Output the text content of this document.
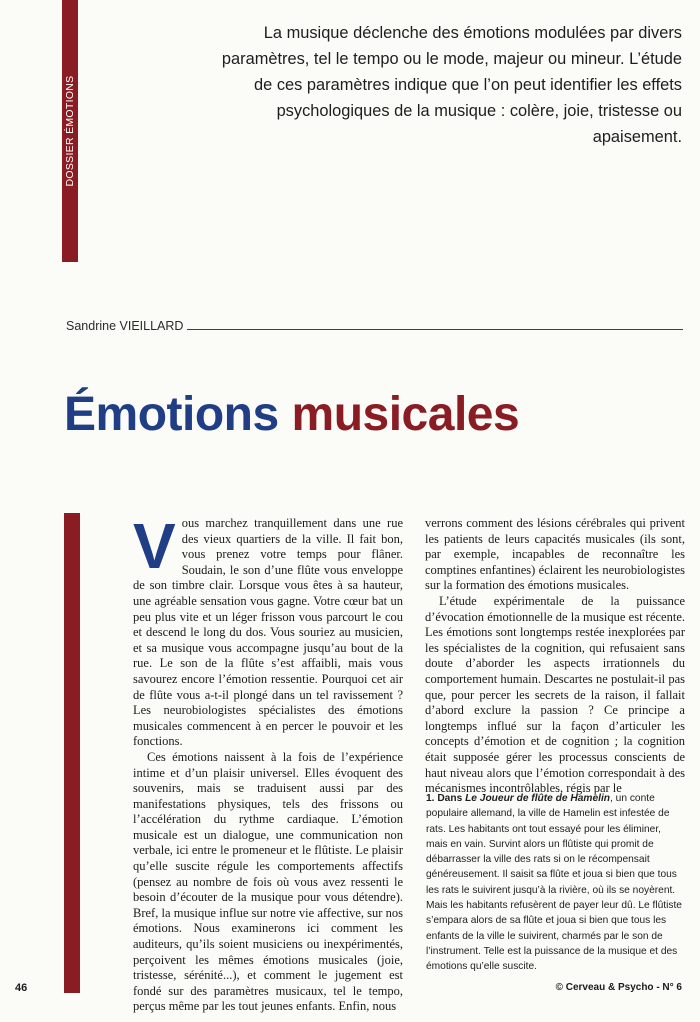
DOSSIER ÉMOTIONS
La musique déclenche des émotions modulées par divers paramètres, tel le tempo ou le mode, majeur ou mineur. L’étude de ces paramètres indique que l’on peut identifier les effets psychologiques de la musique : colère, joie, tristesse ou apaisement.
Sandrine VIEILLARD
Émotions musicales

Vous marchez tranquillement dans une rue des vieux quartiers de la ville. Il fait bon, vous prenez votre temps pour flâner. Soudain, le son d’une flûte vous enveloppe de son timbre clair. Lorsque vous êtes à sa hauteur, une agréable sensation vous gagne. Votre cœur bat un peu plus vite et un léger frisson vous parcourt le cou et descend le long du dos. Vous souriez au musicien, et sa musique vous accompagne jusqu’au bout de la rue. Le son de la flûte s’est affaibli, mais vous savourez encore l’émotion ressentie. Pourquoi cet air de flûte vous a-t-il plongé dans un tel ravissement ? Les neurobiologistes spécialistes des émotions musicales commencent à en percer le pouvoir et les fonctions.

Ces émotions naissent à la fois de l’expérience intime et d’un plaisir universel. Elles évoquent des souvenirs, mais se traduisent aussi par des manifestations physiques, tels des frissons ou l’accélération du rythme cardiaque. L’émotion musicale est un dialogue, une communication non verbale, ici entre le promeneur et le flûtiste. Le plaisir qu’elle suscite régule les comportements affectifs (pensez au nombre de fois où vous avez ressenti le besoin d’écouter de la musique pour vous détendre). Bref, la musique influe sur notre vie affective, sur nos émotions. Nous examinerons ici comment les auditeurs, qu’ils soient musiciens ou inexpérimentés, perçoivent les mêmes émotions musicales (joie, tristesse, sérénité...), et comment le jugement est fondé sur des paramètres musicaux, tel le tempo, perçus même par les tout jeunes enfants. Enfin, nous

verrons comment des lésions cérébrales qui privent les patients de leurs capacités musicales (ils sont, par exemple, incapables de reconnaître les comptines enfantines) éclairent les neurobiologistes sur la formation des émotions musicales.

L’étude expérimentale de la puissance d’évocation émotionnelle de la musique est récente. Les émotions sont longtemps restée inexplorées par les spécialistes de la cognition, qui refusaient sans doute d’aborder les aspects irrationnels du comportement humain. Descartes ne postulait-il pas que, pour percer les secrets de la raison, il fallait d’abord exclure la passion ? Ce principe a longtemps influé sur la façon d’articuler les concepts d’émotion et de cognition ; la cognition était supposée gérer les processus conscients de haut niveau alors que l’émotion correspondait à des mécanismes incontrôlables, régis par le

1. Dans Le Joueur de flûte de Hamelin, un conte populaire allemand, la ville de Hamelin est infestée de rats. Les habitants ont tout essayé pour les éliminer, mais en vain. Survint alors un flûtiste qui promit de débarrasser la ville des rats si on le récompensait généreusement. Il saisit sa flûte et joua si bien que tous les rats le suivirent jusqu’à la rivière, où ils se noyèrent. Mais les habitants refusèrent de payer leur dû. Le flûtiste s’empara alors de sa flûte et joua si bien que tous les enfants de la ville le suivirent, charmés par le son de l’instrument. Telle est la puissance de la musique et des émotions qu’elle suscite.
46	© Cerveau & Psycho - N° 6
